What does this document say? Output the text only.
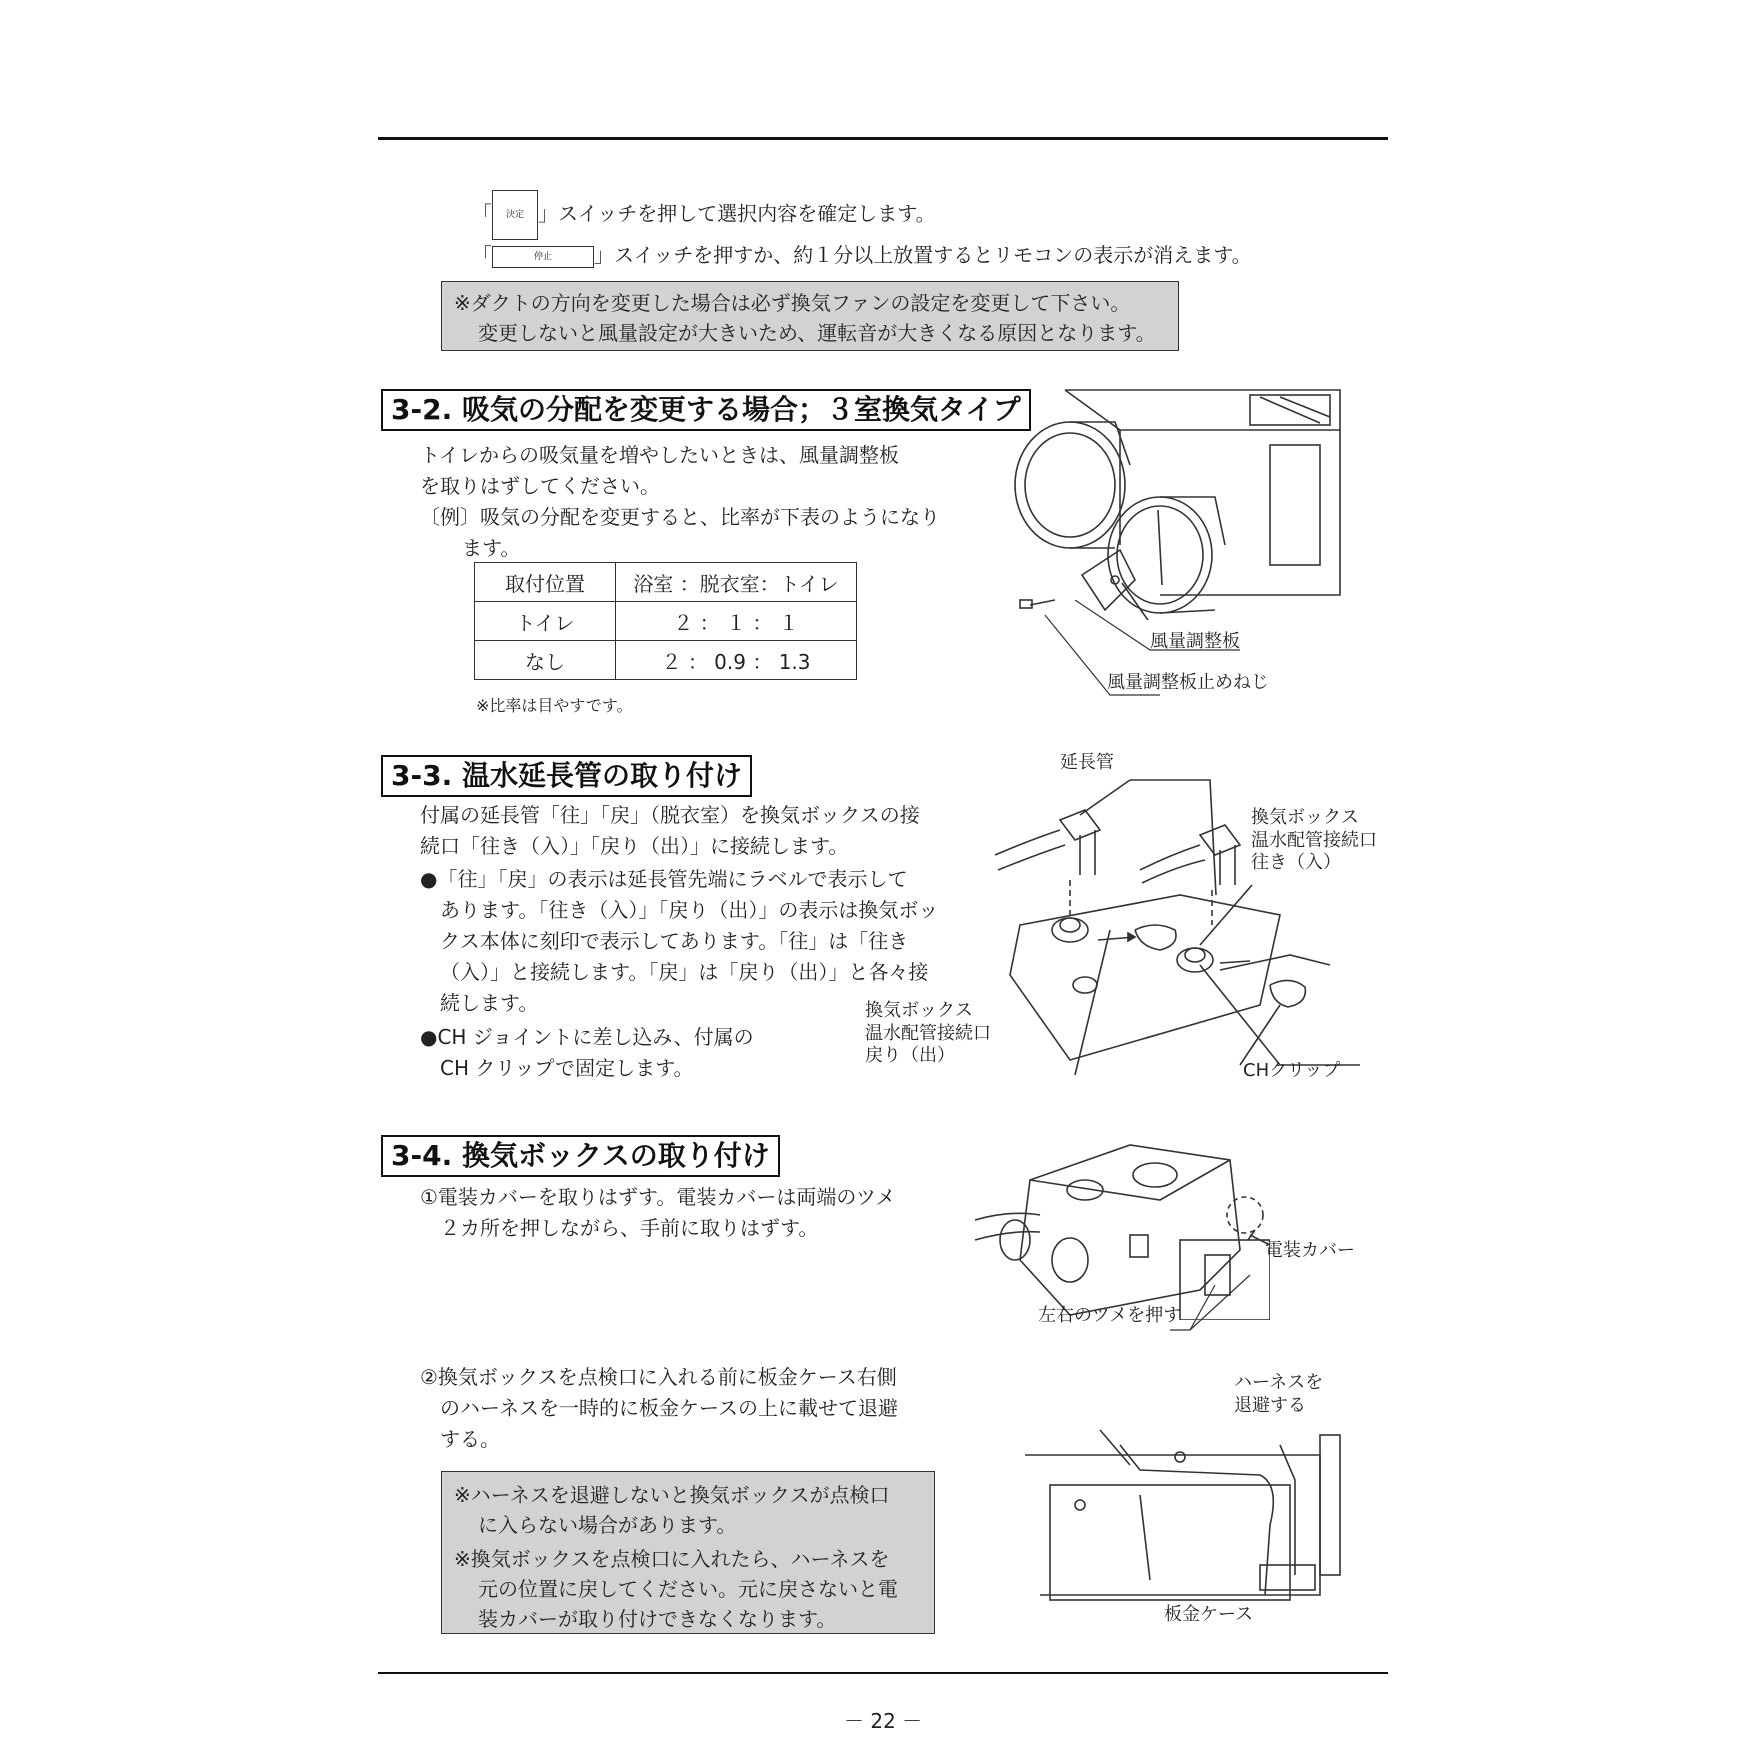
「 決定 」スイッチを押して選択内容を確定します。
「	停止 」スイッチを押すか、約１分以上放置するとリモコンの表示が消えます。
※ダクトの方向を変更した場合は必ず換気ファンの設定を変更して下さい。
変更しないと風量設定が大きいため、運転音が大きくなる原因となります。
3-2. 吸気の分配を変更する場合；３室換気タイプ
トイレからの吸気量を増やしたいときは、風量調整板
を取りはずしてください。
〔例〕吸気の分配を変更すると、比率が下表のようになり
ます。
取付位置	浴室 ：脱衣室：トイレ
トイレ	２ ： １ ： １
なし	２ ： 0.9 ： 1.3
※比率は目やすです。
風量調整板
風量調整板止めねじ
3-3. 温水延長管の取り付け
付属の延長管「往」「戻」（脱衣室）を換気ボックスの接
続口「往き（入）」「戻り（出）」に接続します。
●「往」「戻」の表示は延長管先端にラベルで表示して
あります。「往き（入）」「戻り（出）」の表示は換気ボッ
クス本体に刻印で表示してあります。「往」は「往き
（入）」と接続します。「戻」は「戻り（出）」と各々接
続します。
●CH ジョイントに差し込み、付属の
CH クリップで固定します。
延長管
換気ボックス
温水配管接続口
往き（入）
換気ボックス
温水配管接続口
戻り（出）
CHクリップ
3-4. 換気ボックスの取り付け
①電装カバーを取りはずす。電装カバーは両端のツメ
２カ所を押しながら、手前に取りはずす。
電装カバー
左右のツメを押す
②換気ボックスを点検口に入れる前に板金ケース右側
のハーネスを一時的に板金ケースの上に載せて退避
する。
※ハーネスを退避しないと換気ボックスが点検口
に入らない場合があります。
※換気ボックスを点検口に入れたら、ハーネスを
元の位置に戻してください。元に戻さないと電
装カバーが取り付けできなくなります。
ハーネスを
退避する
板金ケース
－ 22 －
